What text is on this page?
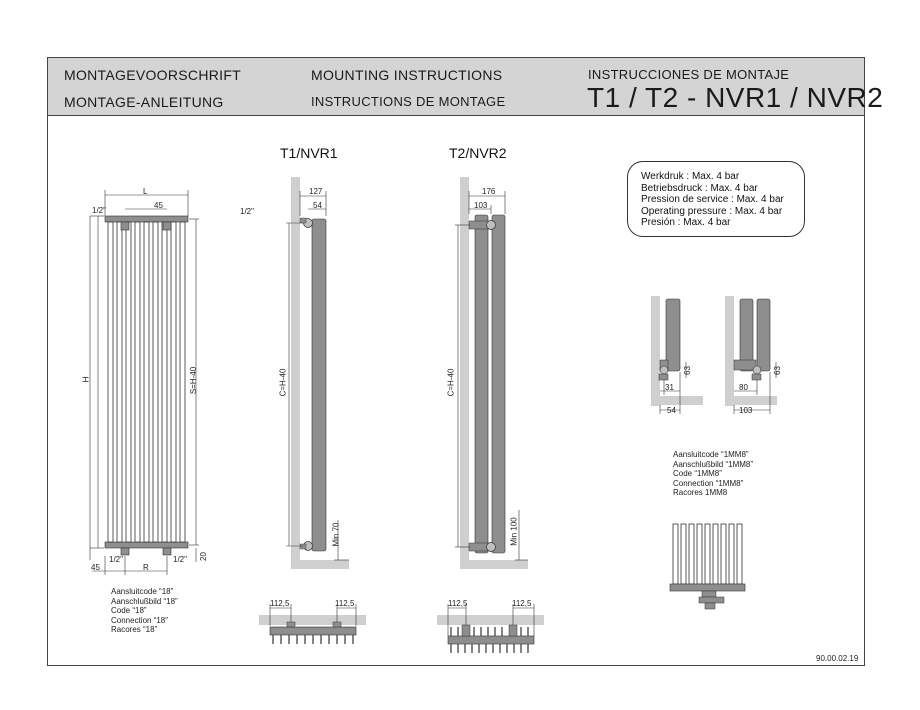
MONTAGEVOORSCHRIFT
MONTAGE-ANLEITUNG
MOUNTING INSTRUCTIONS
INSTRUCTIONS DE MONTAGE
INSTRUCCIONES DE MONTAJE
T1 / T2 - NVR1 / NVR2
L
1/2"
45
H	S=H-40
20
1/2"	1/2"
45	R
Aansluitcode “18”
Aanschlußbild “18”
Code “18”
Connection “18”
Racores “18”
T1/NVR1
127
54
1/2"
C=H-40
Min 70
112,5	112,5
T2/NVR2
176
103
C=H-40
Min 100
112,5	112,5
Werkdruk : Max. 4 bar
Betriebsdruck : Max. 4 bar
Pression de service : Max. 4 bar
Operating pressure : Max. 4 bar
Presión : Max. 4 bar
63
31
54
63
80
103
Aansluitcode “1MM8”
Aanschlußbild “1MM8”
Code “1MM8”
Connection “1MM8”
Racores 1MM8
90.00.02.19
